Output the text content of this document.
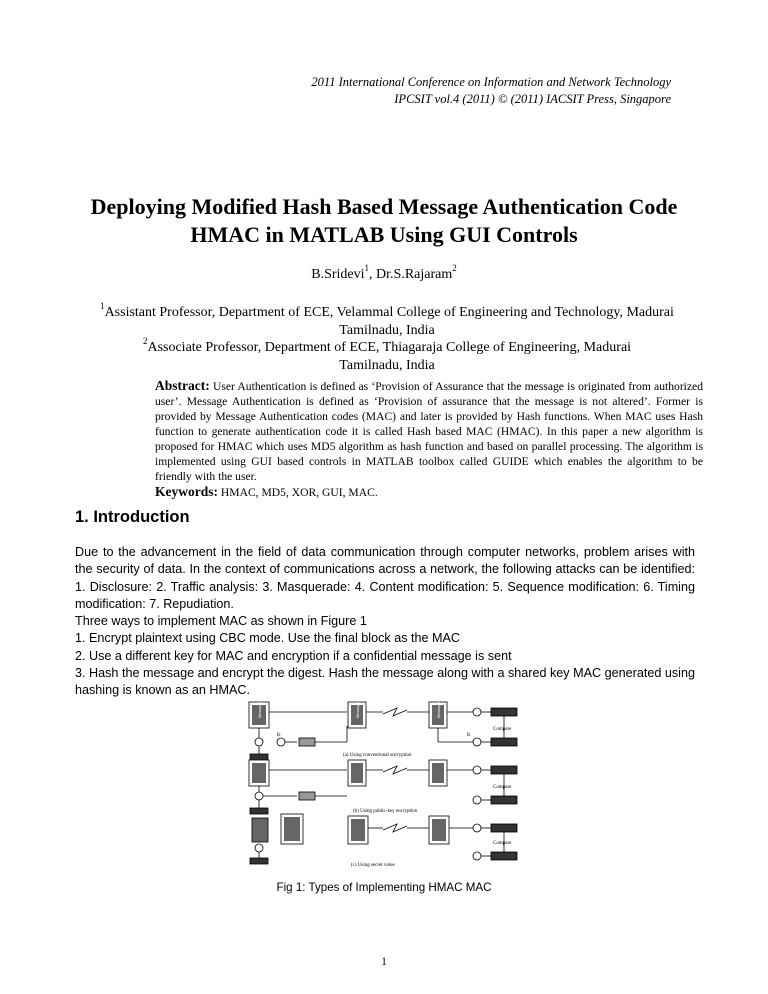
2011 International Conference on Information and Network Technology
IPCSIT vol.4 (2011) © (2011) IACSIT Press, Singapore
Deploying Modified Hash Based Message Authentication Code
HMAC in MATLAB Using GUI Controls
B.Sridevi$^1$, Dr.S.Rajaram$^2$
$^1$Assistant Professor, Department of ECE, Velammal College of Engineering and Technology, Madurai
Tamilnadu, India
$^2$Associate Professor, Department of ECE, Thiagaraja College of Engineering, Madurai
Tamilnadu, India
Abstract: User Authentication is defined as ‘Provision of Assurance that the message is originated from authorized user’. Message Authentication is defined as ‘Provision of assurance that the message is not altered’. Former is provided by Message Authentication codes (MAC) and later is provided by Hash functions. When MAC uses Hash function to generate authentication code it is called Hash based MAC (HMAC). In this paper a new algorithm is proposed for HMAC which uses MD5 algorithm as hash function and based on parallel processing. The algorithm is implemented using GUI based controls in MATLAB toolbox called GUIDE which enables the algorithm to be friendly with the user.
Keywords: HMAC, MD5, XOR, GUI, MAC.
1. Introduction

Due to the advancement in the field of data communication through computer networks, problem arises with the security of data. In the context of communications across a network, the following attacks can be identified: 1. Disclosure: 2. Traffic analysis: 3. Masquerade: 4. Content modification: 5. Sequence modification: 6. Timing modification: 7. Repudiation.

Three ways to implement MAC as shown in Figure 1

1. Encrypt plaintext using CBC mode. Use the final block as the MAC

2. Use a different key for MAC and encryption if a confidential message is sent

3. Hash the message and encrypt the digest. Hash the message along with a shared key MAC generated using hashing is known as an HMAC.

(a) Using conventional encryption
(b) Using public-key encryption
(c) Using secret value
Compare
Compare
Compare
K	K
Message	Message	Message
Fig 1: Types of Implementing HMAC MAC
1
